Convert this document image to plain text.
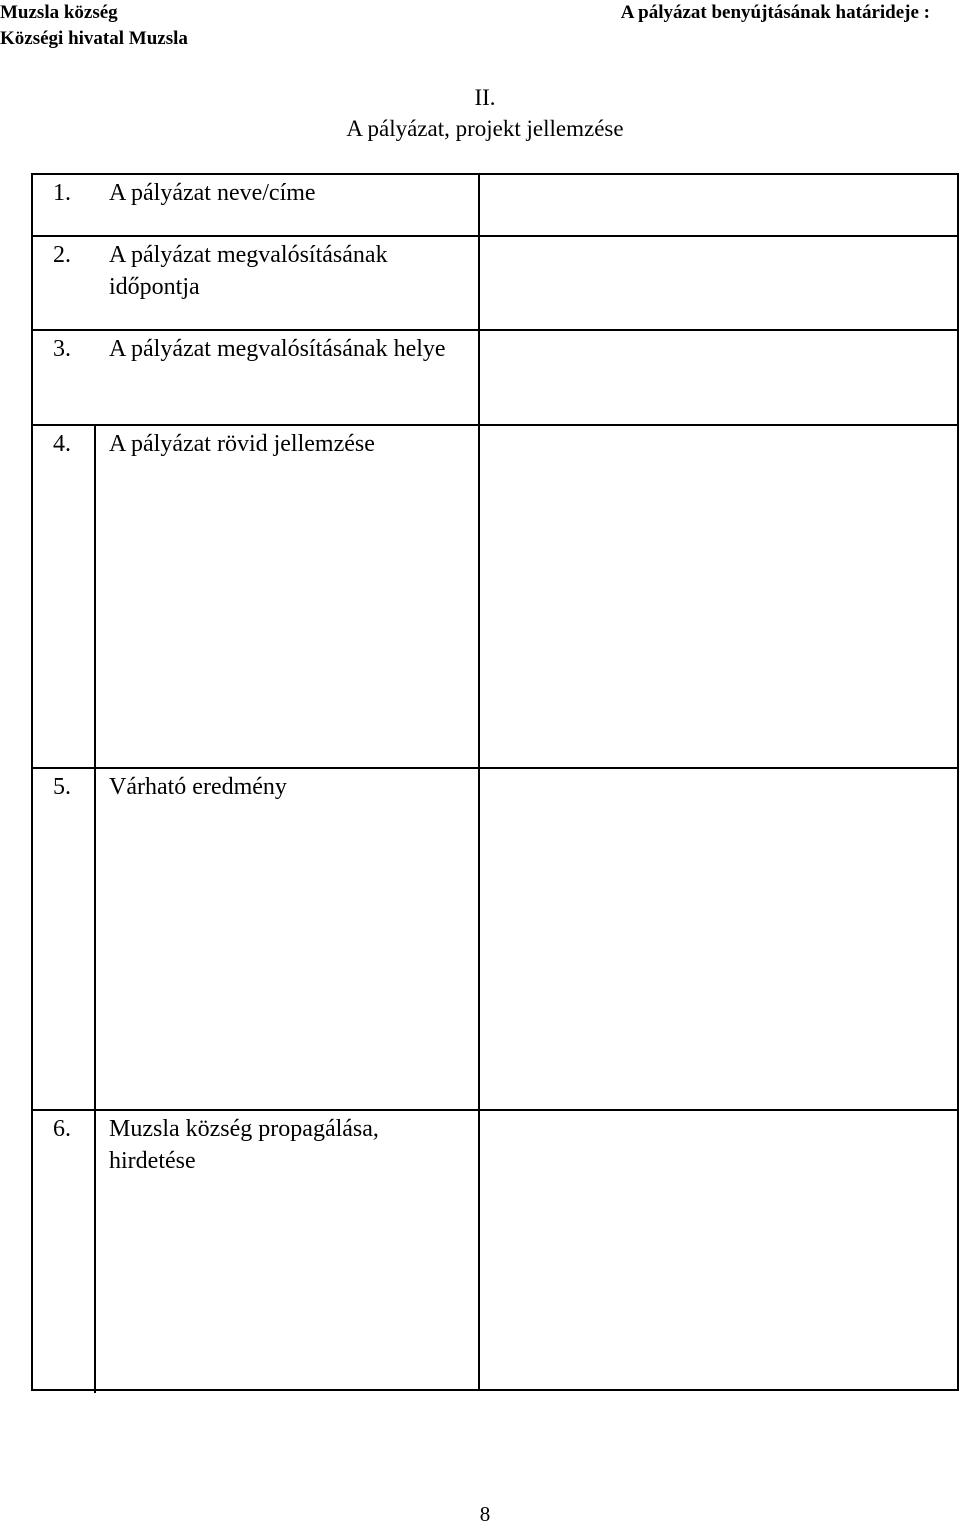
Muzsla község
Községi hivatal Muzsla
A pályázat benyújtásának határideje :
II.
A pályázat, projekt jellemzése
1.	A pályázat neve/címe	

2.	A pályázat megvalósításának időpontja	

3.	A pályázat megvalósításának helye	

4.	A pályázat rövid jellemzése	

5.	Várható eredmény	

6.	Muzsla község propagálása, hirdetése	

8
